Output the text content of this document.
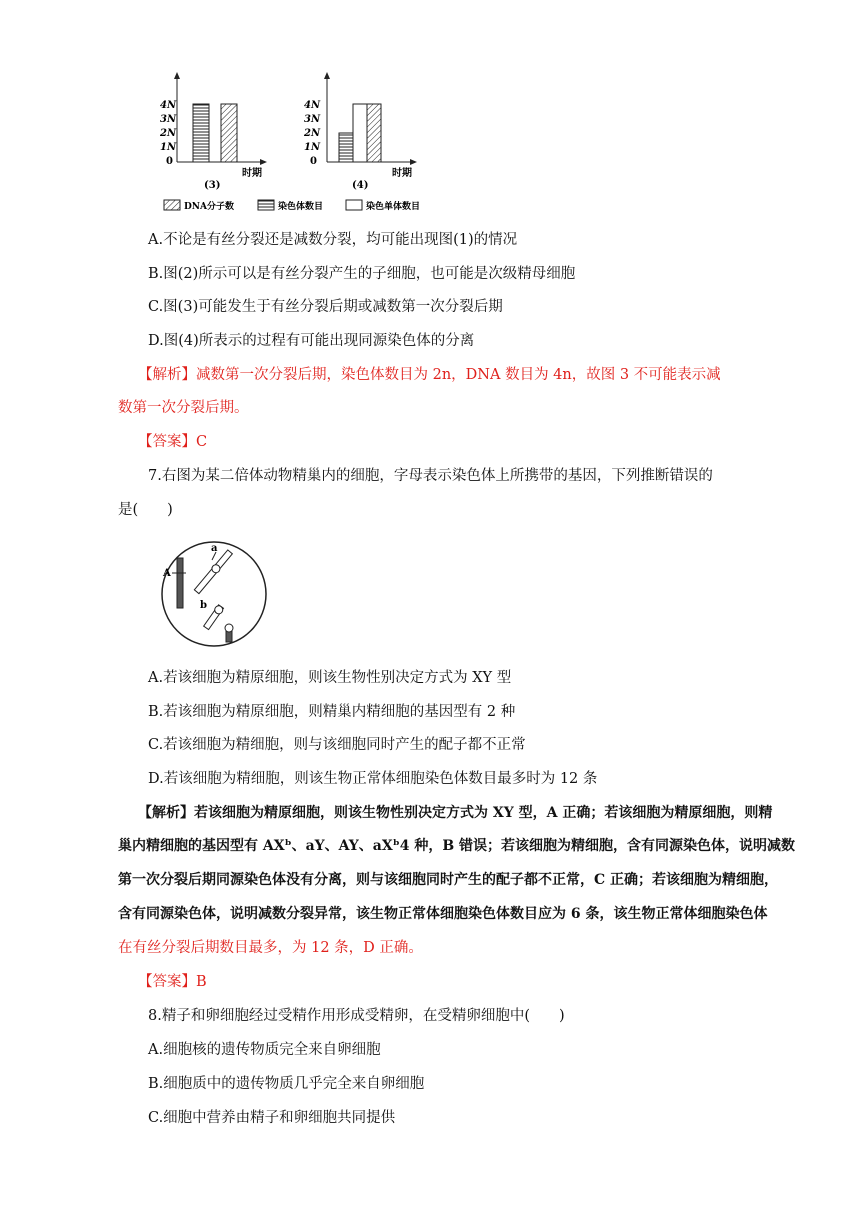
4N
3N
2N
1N
0
时期
(3)
4N
3N
2N
1N
0
时期
(4)
DNA分子数	染色体数目	染色单体数目
A.不论是有丝分裂还是减数分裂，均可能出现图(1)的情况
B.图(2)所示可以是有丝分裂产生的子细胞，也可能是次级精母细胞
C.图(3)可能发生于有丝分裂后期或减数第一次分裂后期
D.图(4)所表示的过程有可能出现同源染色体的分离
【解析】减数第一次分裂后期，染色体数目为 2n，DNA 数目为 4n，故图 3 不可能表示减
数第一次分裂后期。
【答案】C
7.右图为某二倍体动物精巢内的细胞，字母表示染色体上所携带的基因，下列推断错误的
是(　　)
A
a
b
A.若该细胞为精原细胞，则该生物性别决定方式为 XY 型
B.若该细胞为精原细胞，则精巢内精细胞的基因型有 2 种
C.若该细胞为精细胞，则与该细胞同时产生的配子都不正常
D.若该细胞为精细胞，则该生物正常体细胞染色体数目最多时为 12 条
【解析】若该细胞为精原细胞，则该生物性别决定方式为 XY 型，A 正确；若该细胞为精原细胞，则精
巢内精细胞的基因型有 AXᵇ、aY、AY、aXᵇ4 种，B 错误；若该细胞为精细胞，含有同源染色体，说明减数
第一次分裂后期同源染色体没有分离，则与该细胞同时产生的配子都不正常，C 正确；若该细胞为精细胞，
含有同源染色体，说明减数分裂异常，该生物正常体细胞染色体数目应为 6 条，该生物正常体细胞染色体
在有丝分裂后期数目最多，为 12 条，D 正确。
【答案】B
8.精子和卵细胞经过受精作用形成受精卵，在受精卵细胞中(　　)
A.细胞核的遗传物质完全来自卵细胞
B.细胞质中的遗传物质几乎完全来自卵细胞
C.细胞中营养由精子和卵细胞共同提供
